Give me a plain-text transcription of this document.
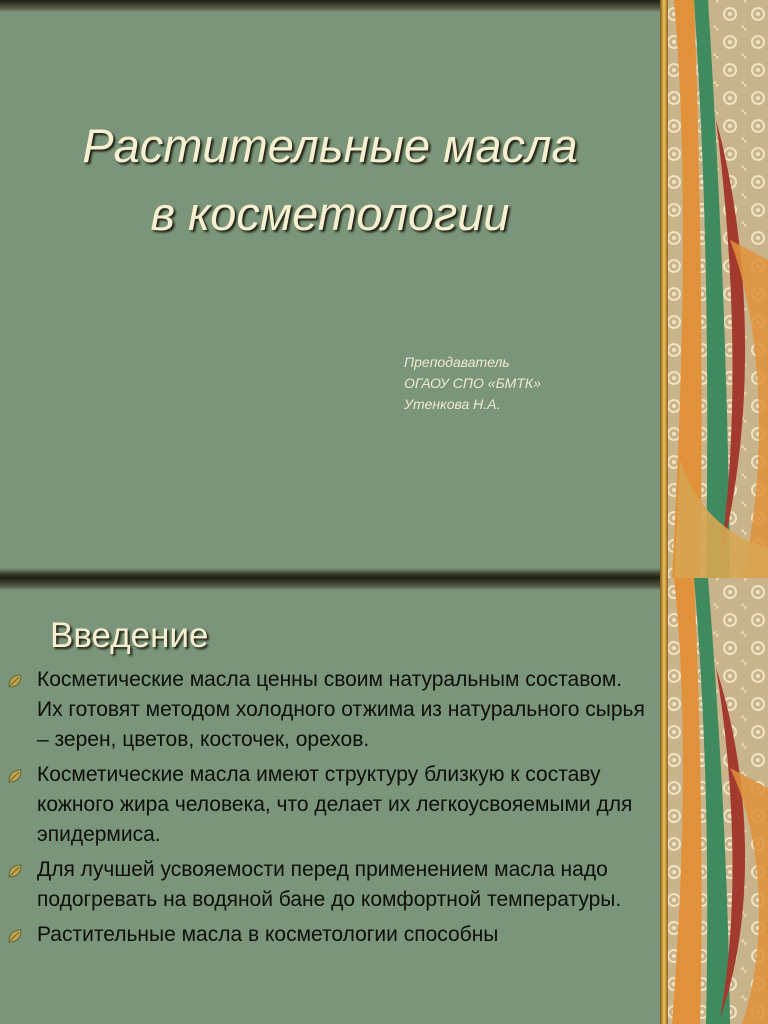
Растительные масла
в косметологии
Преподаватель
ОГАОУ СПО «БМТК»
Утенкова Н.А.
Введение
Косметические масла ценны своим натуральным составом. Их готовят методом холодного отжима из натурального сырья – зерен, цветов, косточек, орехов.
Косметические масла имеют структуру близкую к составу кожного жира человека, что делает их легкоусвояемыми для эпидермиса.
Для лучшей усвояемости перед применением масла надо подогревать на водяной бане до комфортной температуры.
Растительные масла в косметологии способны
